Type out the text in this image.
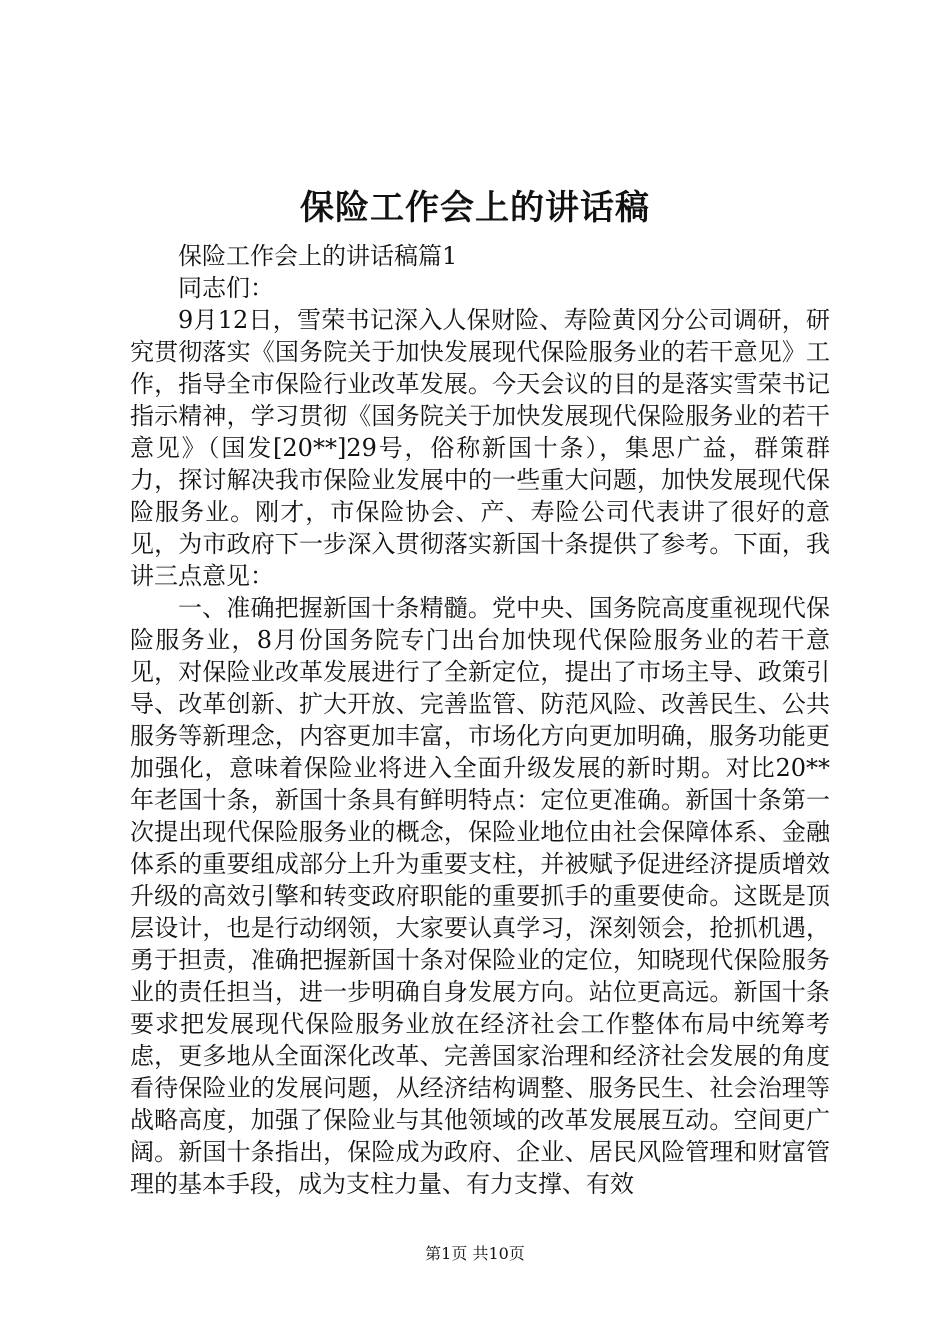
保险工作会上的讲话稿

保险工作会上的讲话稿篇1

同志们：

9月12日，雪荣书记深入人保财险、寿险黄冈分公司调研，研究贯彻落实《国务院关于加快发展现代保险服务业的若干意见》工作，指导全市保险行业改革发展。今天会议的目的是落实雪荣书记指示精神，学习贯彻《国务院关于加快发展现代保险服务业的若干意见》（国发[20**]29号，俗称新国十条），集思广益，群策群力，探讨解决我市保险业发展中的一些重大问题，加快发展现代保险服务业。刚才，市保险协会、产、寿险公司代表讲了很好的意见，为市政府下一步深入贯彻落实新国十条提供了参考。下面，我讲三点意见：

一、准确把握新国十条精髓。党中央、国务院高度重视现代保险服务业，8月份国务院专门出台加快现代保险服务业的若干意见，对保险业改革发展进行了全新定位，提出了市场主导、政策引导、改革创新、扩大开放、完善监管、防范风险、改善民生、公共服务等新理念，内容更加丰富，市场化方向更加明确，服务功能更加强化，意味着保险业将进入全面升级发展的新时期。对比20**年老国十条，新国十条具有鲜明特点：定位更准确。新国十条第一次提出现代保险服务业的概念，保险业地位由社会保障体系、金融体系的重要组成部分上升为重要支柱，并被赋予促进经济提质增效升级的高效引擎和转变政府职能的重要抓手的重要使命。这既是顶层设计，也是行动纲领，大家要认真学习，深刻领会，抢抓机遇，勇于担责，准确把握新国十条对保险业的定位，知晓现代保险服务业的责任担当，进一步明确自身发展方向。站位更高远。新国十条要求把发展现代保险服务业放在经济社会工作整体布局中统筹考虑，更多地从全面深化改革、完善国家治理和经济社会发展的角度看待保险业的发展问题，从经济结构调整、服务民生、社会治理等战略高度，加强了保险业与其他领域的改革发展展互动。空间更广阔。新国十条指出，保险成为政府、企业、居民风险管理和财富管理的基本手段，成为支柱力量、有力支撑、有效

第1页 共10页
